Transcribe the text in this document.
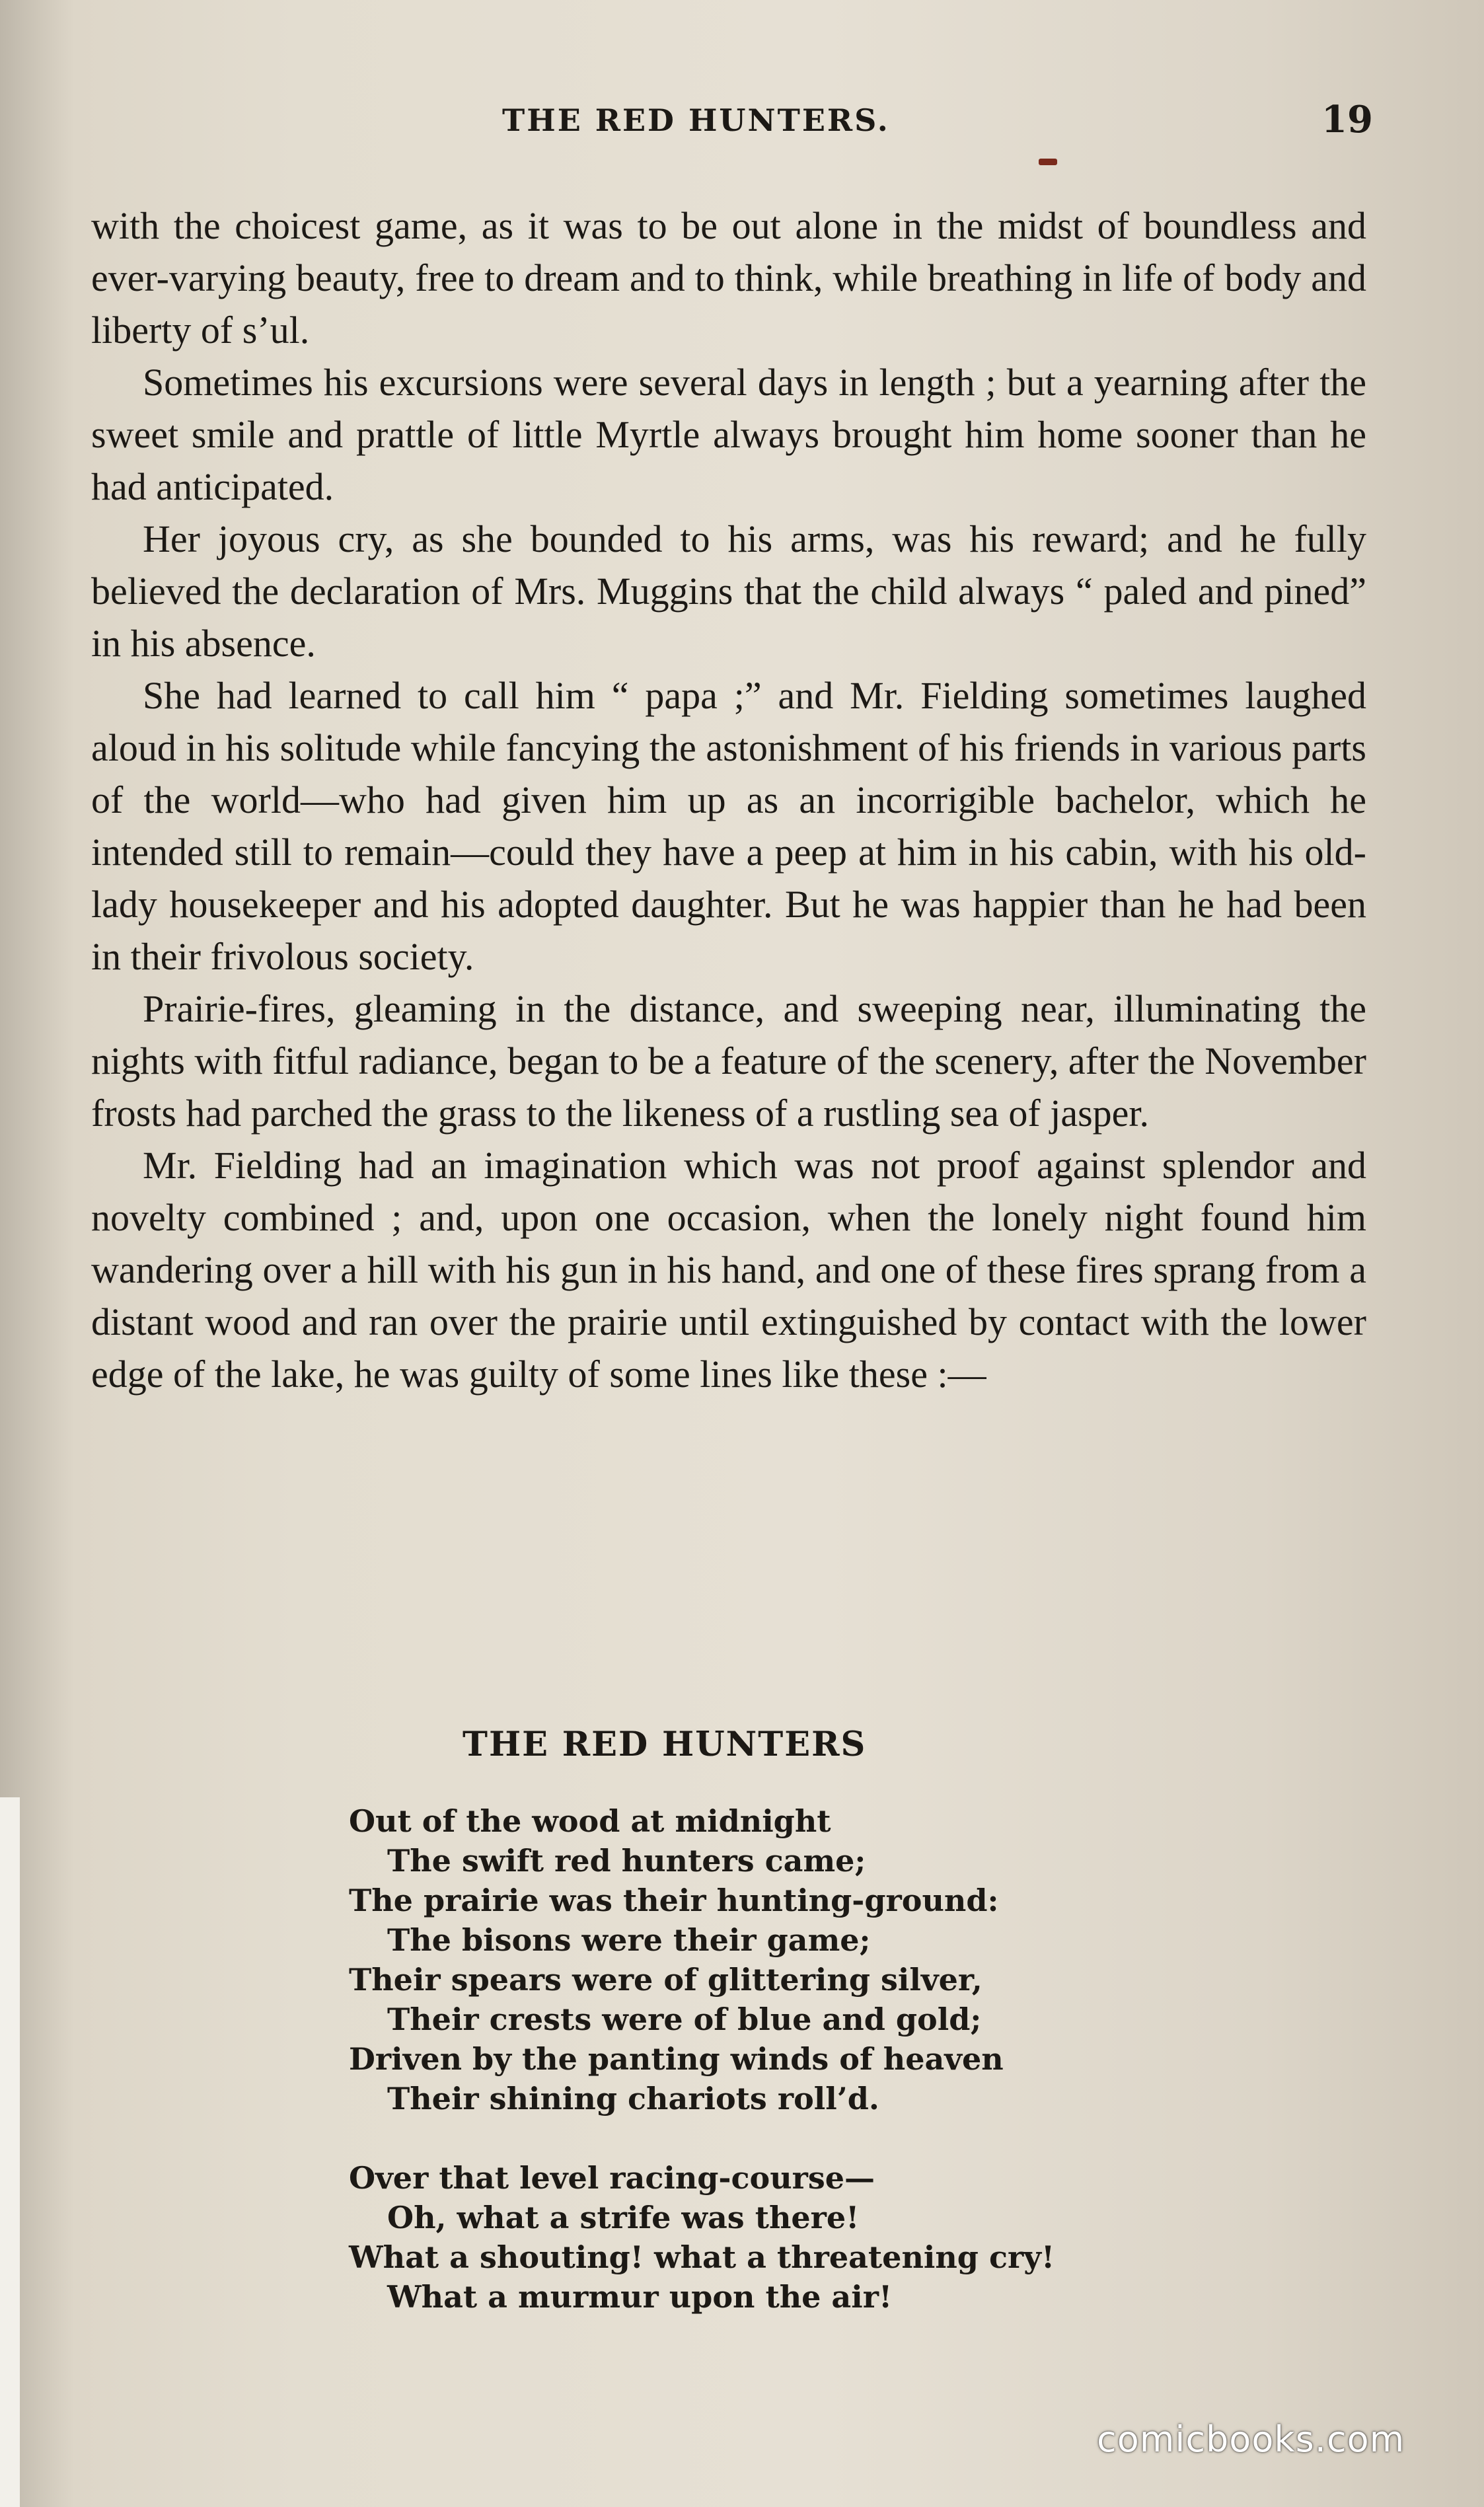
THE RED HUNTERS.	19

with the choicest game, as it was to be out alone in the midst of boundless and ever-varying beauty, free to dream and to think, while breathing in life of body and liberty of s’ul.

Sometimes his excursions were several days in length ; but a yearning after the sweet smile and prattle of little Myrtle always brought him home sooner than he had anticipated.

Her joyous cry, as she bounded to his arms, was his reward; and he fully believed the declaration of Mrs. Muggins that the child always “ paled and pined” in his absence.

She had learned to call him “ papa ;” and Mr. Fielding sometimes laughed aloud in his solitude while fancying the astonishment of his friends in various parts of the world—who had given him up as an incorrigible bachelor, which he intended still to remain—could they have a peep at him in his cabin, with his old-lady housekeeper and his adopted daughter. But he was happier than he had been in their frivolous society.

Prairie-fires, gleaming in the distance, and sweeping near, illuminating the nights with fitful radiance, began to be a feature of the scenery, after the November frosts had parched the grass to the likeness of a rustling sea of jasper.

Mr. Fielding had an imagination which was not proof against splendor and novelty combined ; and, upon one occasion, when the lonely night found him wandering over a hill with his gun in his hand, and one of these fires sprang from a distant wood and ran over the prairie until extinguished by contact with the lower edge of the lake, he was guilty of some lines like these :—

THE RED HUNTERS
Out of the wood at midnight
The swift red hunters came;
The prairie was their hunting-ground:
The bisons were their game;
Their spears were of glittering silver,
Their crests were of blue and gold;
Driven by the panting winds of heaven
Their shining chariots roll’d.
Over that level racing-course—
Oh, what a strife was there!
What a shouting! what a threatening cry!
What a murmur upon the air!
comicbooks.com
